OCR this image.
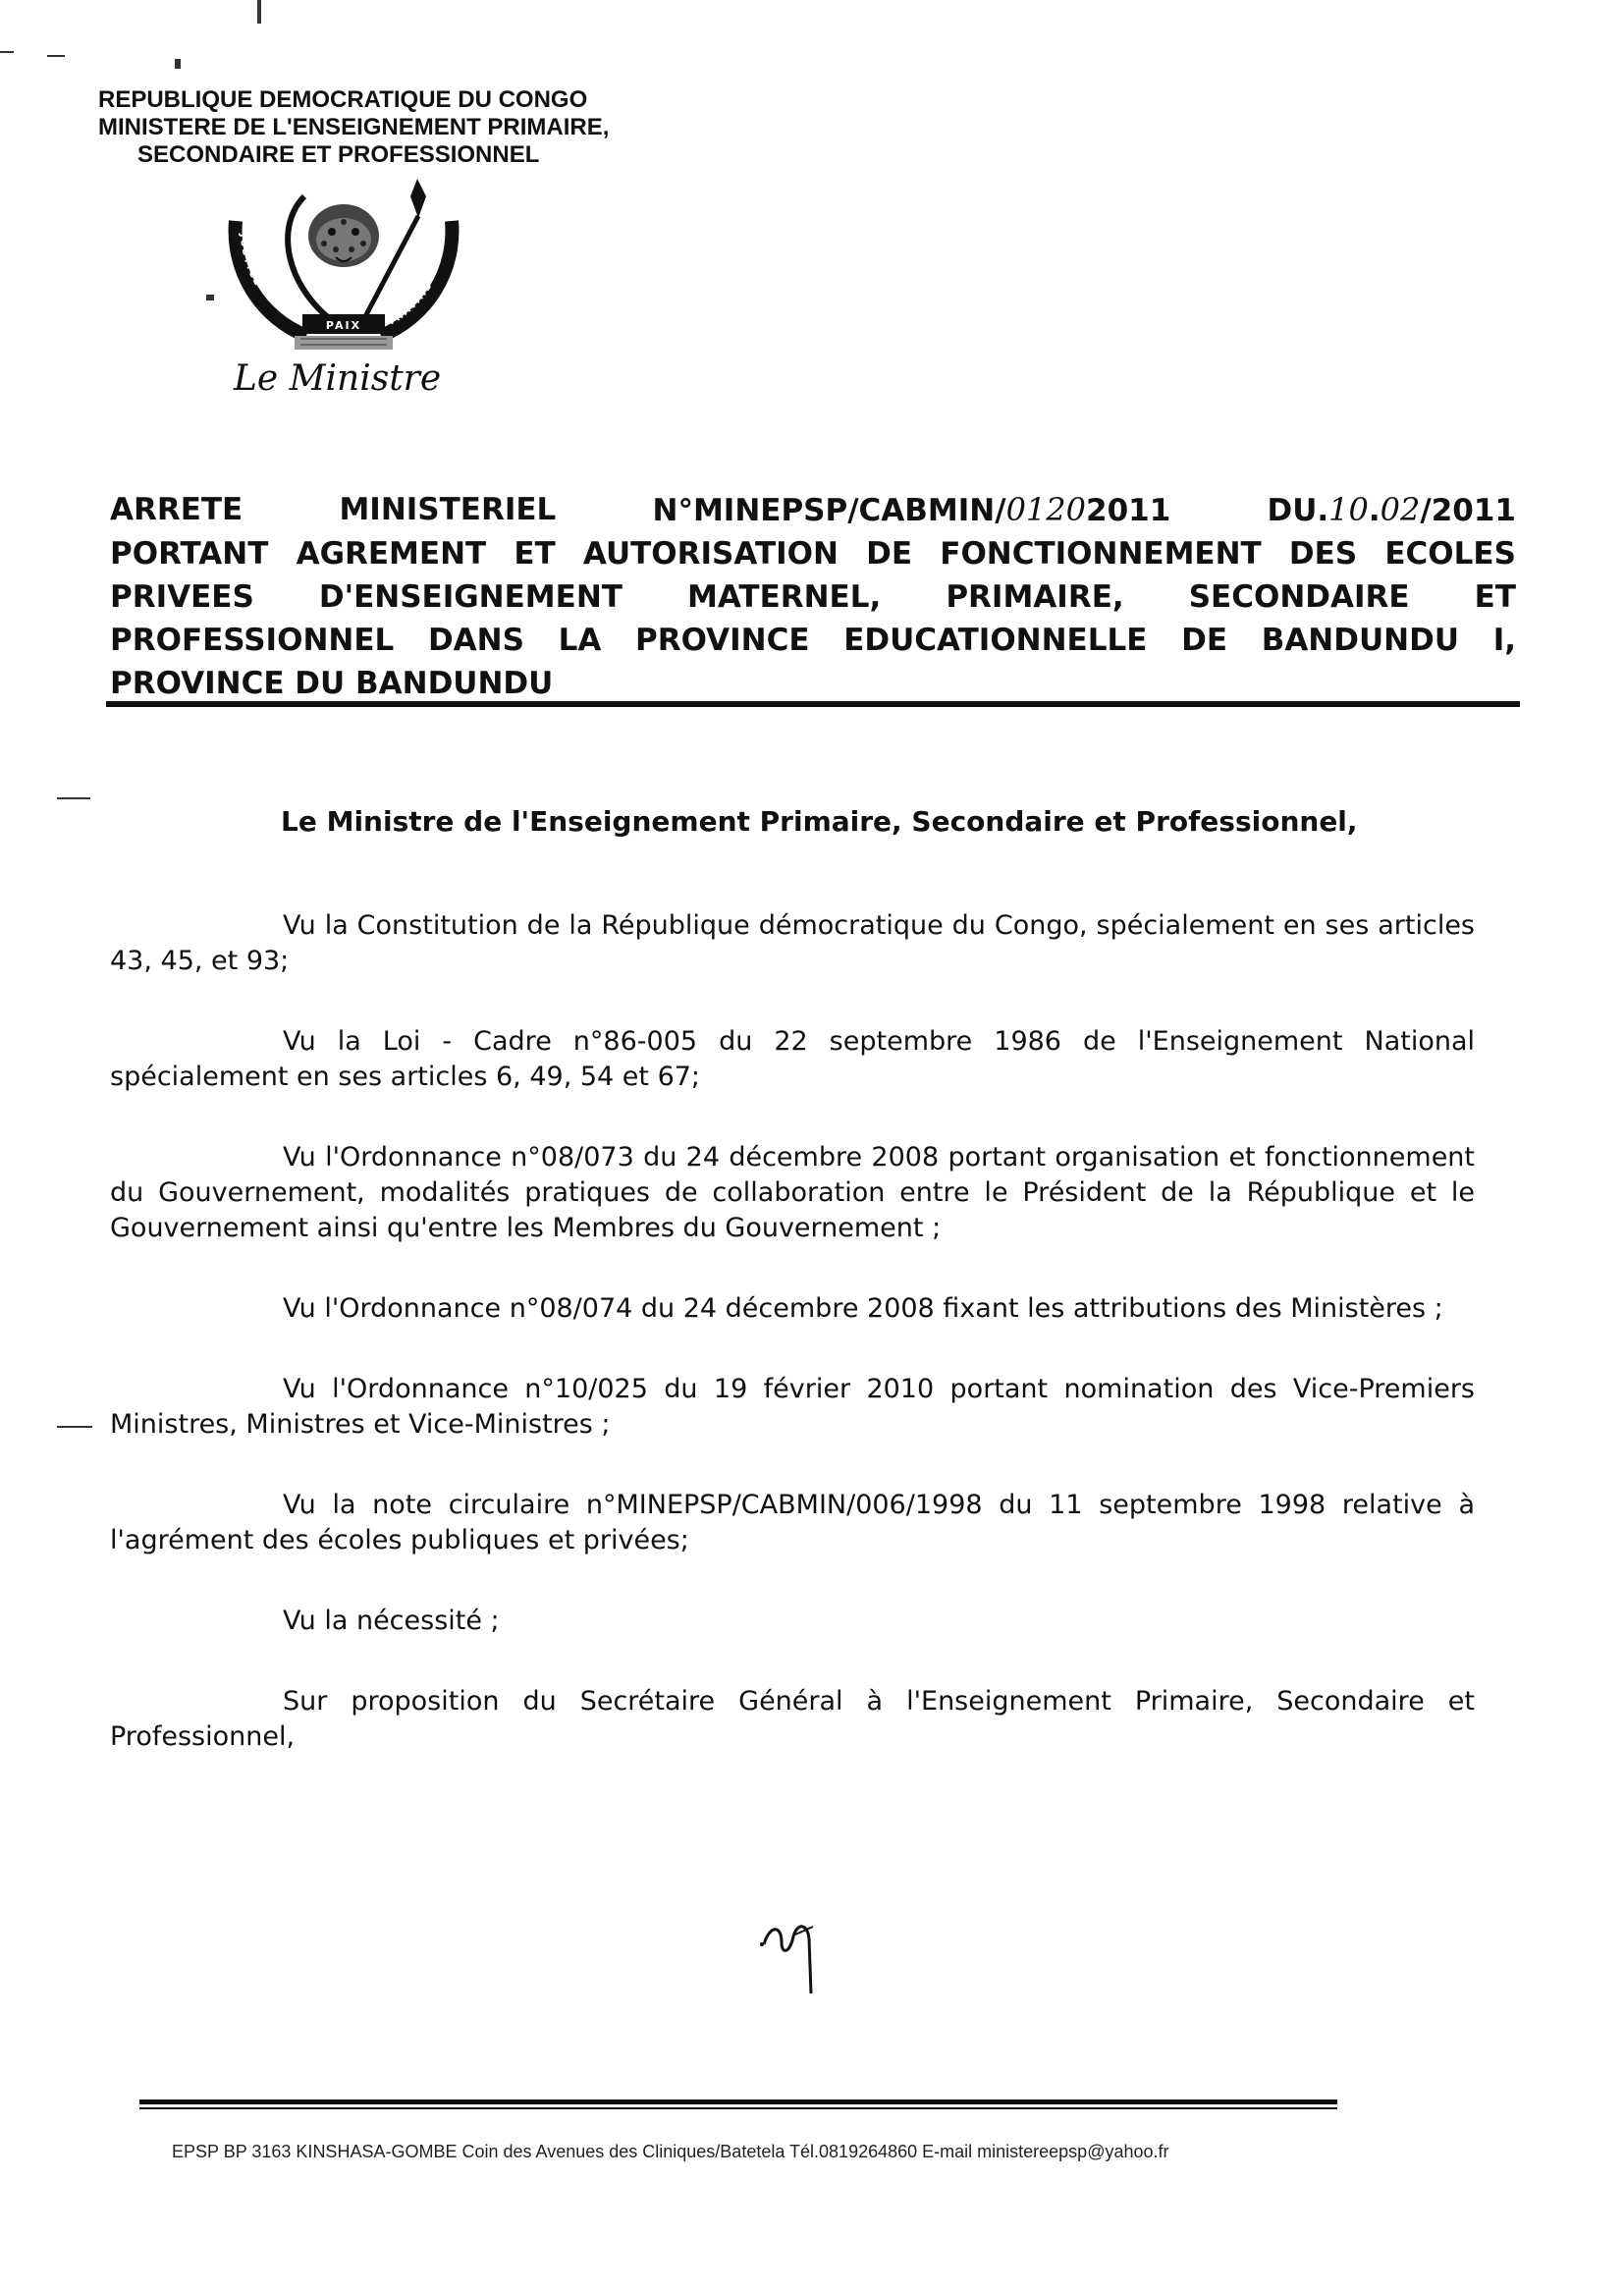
REPUBLIQUE DEMOCRATIQUE DU CONGO
MINISTERE DE L'ENSEIGNEMENT PRIMAIRE,
SECONDAIRE ET PROFESSIONNEL
JUSTICE
TRAVAIL
PAIX
Le Ministre
ARRETE	MINISTERIEL	N°MINEPSP/CABMIN/01202011	DU.10.02/2011
PORTANT AGREMENT ET AUTORISATION DE FONCTIONNEMENT DES ECOLES
PRIVEES D'ENSEIGNEMENT MATERNEL, PRIMAIRE, SECONDAIRE ET
PROFESSIONNEL DANS LA PROVINCE EDUCATIONNELLE DE BANDUNDU I,
PROVINCE DU BANDUNDU
Le Ministre de l'Enseignement Primaire, Secondaire et Professionnel,

Vu la Constitution de la République démocratique du Congo, spécialement en ses articles 43, 45, et 93;

Vu la Loi - Cadre n°86-005 du 22 septembre 1986 de l'Enseignement National spécialement en ses articles 6, 49, 54 et 67;

Vu l'Ordonnance n°08/073 du 24 décembre 2008 portant organisation et fonctionnement du Gouvernement, modalités pratiques de collaboration entre le Président de la République et le Gouvernement ainsi qu'entre les Membres du Gouvernement ;

Vu l'Ordonnance n°08/074 du 24 décembre 2008 fixant les attributions des Ministères ;

Vu l'Ordonnance n°10/025 du 19 février 2010 portant nomination des Vice-Premiers Ministres, Ministres et Vice-Ministres ;

Vu la note circulaire n°MINEPSP/CABMIN/006/1998 du 11 septembre 1998 relative à l'agrément des écoles publiques et privées;

Vu la nécessité ;

Sur proposition du Secrétaire Général à l'Enseignement Primaire, Secondaire et Professionnel,

EPSP BP 3163 KINSHASA-GOMBE Coin des Avenues des Cliniques/Batetela Tél.0819264860 E-mail ministereepsp@yahoo.fr
